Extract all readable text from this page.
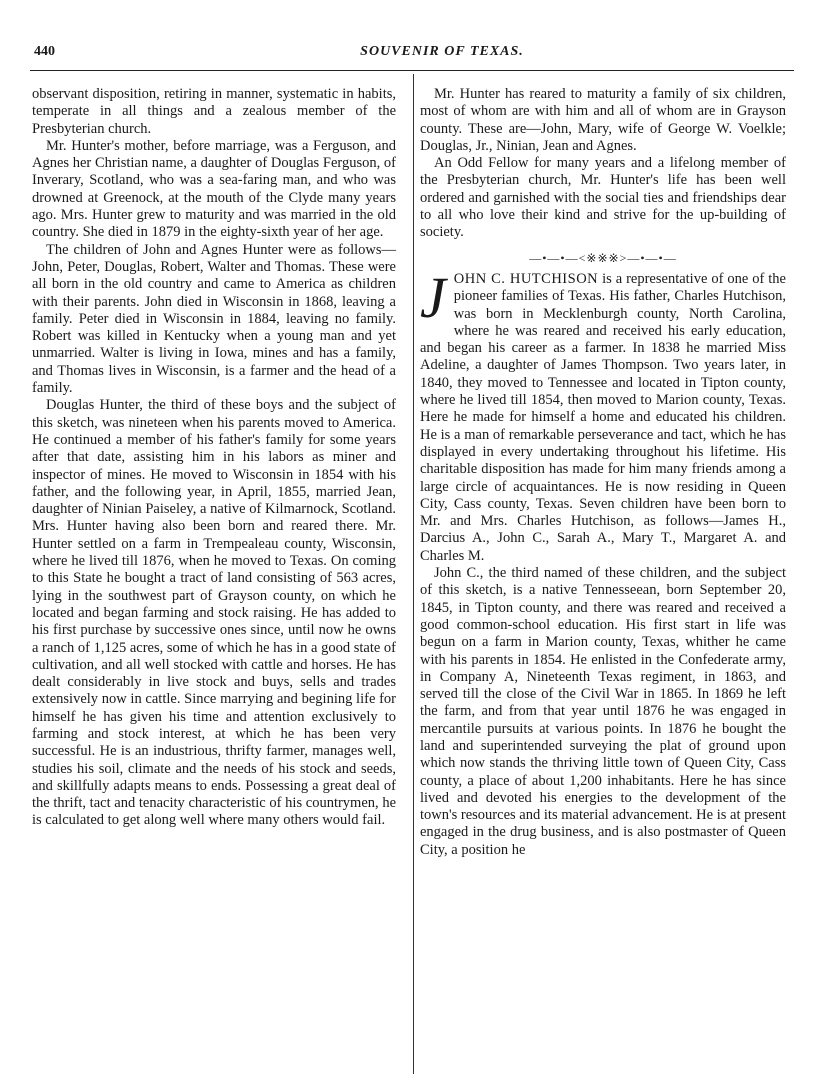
440	SOUVENIR OF TEXAS.

observant disposition, retiring in manner, systematic in habits, temperate in all things and a zealous member of the Presbyterian church.

Mr. Hunter's mother, before marriage, was a Ferguson, and Agnes her Christian name, a daughter of Douglas Ferguson, of Inverary, Scotland, who was a sea-faring man, and who was drowned at Greenock, at the mouth of the Clyde many years ago. Mrs. Hunter grew to maturity and was married in the old country. She died in 1879 in the eighty-sixth year of her age.

The children of John and Agnes Hunter were as follows—John, Peter, Douglas, Robert, Walter and Thomas. These were all born in the old country and came to America as children with their parents. John died in Wisconsin in 1868, leaving a family. Peter died in Wisconsin in 1884, leaving no family. Robert was killed in Kentucky when a young man and yet unmarried. Walter is living in Iowa, mines and has a family, and Thomas lives in Wisconsin, is a farmer and the head of a family.

Douglas Hunter, the third of these boys and the subject of this sketch, was nineteen when his parents moved to America. He continued a member of his father's family for some years after that date, assisting him in his labors as miner and inspector of mines. He moved to Wisconsin in 1854 with his father, and the following year, in April, 1855, married Jean, daughter of Ninian Paiseley, a native of Kilmarnock, Scotland. Mrs. Hunter having also been born and reared there. Mr. Hunter settled on a farm in Trempealeau county, Wisconsin, where he lived till 1876, when he moved to Texas. On coming to this State he bought a tract of land consisting of 563 acres, lying in the southwest part of Grayson county, on which he located and began farming and stock raising. He has added to his first purchase by successive ones since, until now he owns a ranch of 1,125 acres, some of which he has in a good state of cultivation, and all well stocked with cattle and horses. He has dealt considerably in live stock and buys, sells and trades extensively now in cattle. Since marrying and begining life for himself he has given his time and attention exclusively to farming and stock interest, at which he has been very successful. He is an industrious, thrifty farmer, manages well, studies his soil, climate and the needs of his stock and seeds, and skillfully adapts means to ends. Possessing a great deal of the thrift, tact and tenacity characteristic of his countrymen, he is calculated to get along well where many others would fail.

Mr. Hunter has reared to maturity a family of six children, most of whom are with him and all of whom are in Grayson county. These are—John, Mary, wife of George W. Voelkle; Douglas, Jr., Ninian, Jean and Agnes.

An Odd Fellow for many years and a lifelong member of the Presbyterian church, Mr. Hunter's life has been well ordered and garnished with the social ties and friendships dear to all who love their kind and strive for the up-building of society.

—•—•—<※※※>—•—•—

JOHN C. HUTCHISON is a representative of one of the pioneer families of Texas. His father, Charles Hutchison, was born in Mecklenburgh county, North Carolina, where he was reared and received his early education, and began his career as a farmer. In 1838 he married Miss Adeline, a daughter of James Thompson. Two years later, in 1840, they moved to Tennessee and located in Tipton county, where he lived till 1854, then moved to Marion county, Texas. Here he made for himself a home and educated his children. He is a man of remarkable perseverance and tact, which he has displayed in every undertaking throughout his lifetime. His charitable disposition has made for him many friends among a large circle of acquaintances. He is now residing in Queen City, Cass county, Texas. Seven children have been born to Mr. and Mrs. Charles Hutchison, as follows—James H., Darcius A., John C., Sarah A., Mary T., Margaret A. and Charles M.

John C., the third named of these children, and the subject of this sketch, is a native Tennesseean, born September 20, 1845, in Tipton county, and there was reared and received a good common-school education. His first start in life was begun on a farm in Marion county, Texas, whither he came with his parents in 1854. He enlisted in the Confederate army, in Company A, Nineteenth Texas regiment, in 1863, and served till the close of the Civil War in 1865. In 1869 he left the farm, and from that year until 1876 he was engaged in mercantile pursuits at various points. In 1876 he bought the land and superintended surveying the plat of ground upon which now stands the thriving little town of Queen City, Cass county, a place of about 1,200 inhabitants. Here he has since lived and devoted his energies to the development of the town's resources and its material advancement. He is at present engaged in the drug business, and is also postmaster of Queen City, a position he
